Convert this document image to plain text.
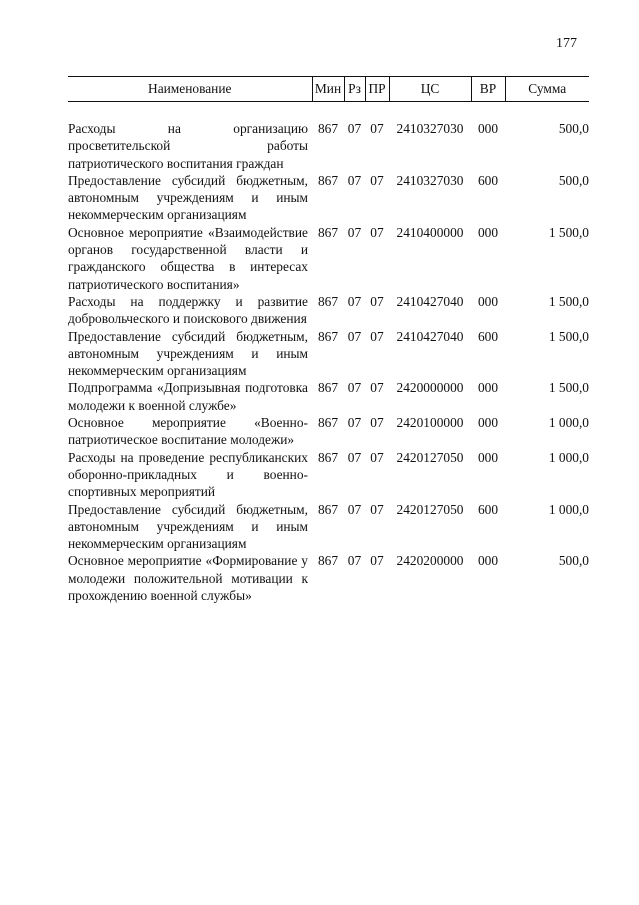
177
Наименование	Мин	Рз	ПР	ЦС	ВР	Сумма

Расходы на организацию просветительской работы патриотического воспитания граждан	867	07	07	2410327030	000	500,0
Предоставление субсидий бюджетным, автономным учреждениям и иным некоммерческим организациям	867	07	07	2410327030	600	500,0
Основное мероприятие «Взаимодействие органов государственной власти и гражданского общества в интересах патриотического воспитания»	867	07	07	2410400000	000	1 500,0
Расходы на поддержку и развитие добровольческого и поискового движения	867	07	07	2410427040	000	1 500,0
Предоставление субсидий бюджетным, автономным учреждениям и иным некоммерческим организациям	867	07	07	2410427040	600	1 500,0
Подпрограмма «Допризывная подготовка молодежи к военной службе»	867	07	07	2420000000	000	1 500,0
Основное мероприятие «Военно-патриотическое воспитание молодежи»	867	07	07	2420100000	000	1 000,0
Расходы на проведение республиканских оборонно-прикладных и военно-спортивных мероприятий	867	07	07	2420127050	000	1 000,0
Предоставление субсидий бюджетным, автономным учреждениям и иным некоммерческим организациям	867	07	07	2420127050	600	1 000,0
Основное мероприятие «Формирование у молодежи положительной мотивации к прохождению военной службы»	867	07	07	2420200000	000	500,0
